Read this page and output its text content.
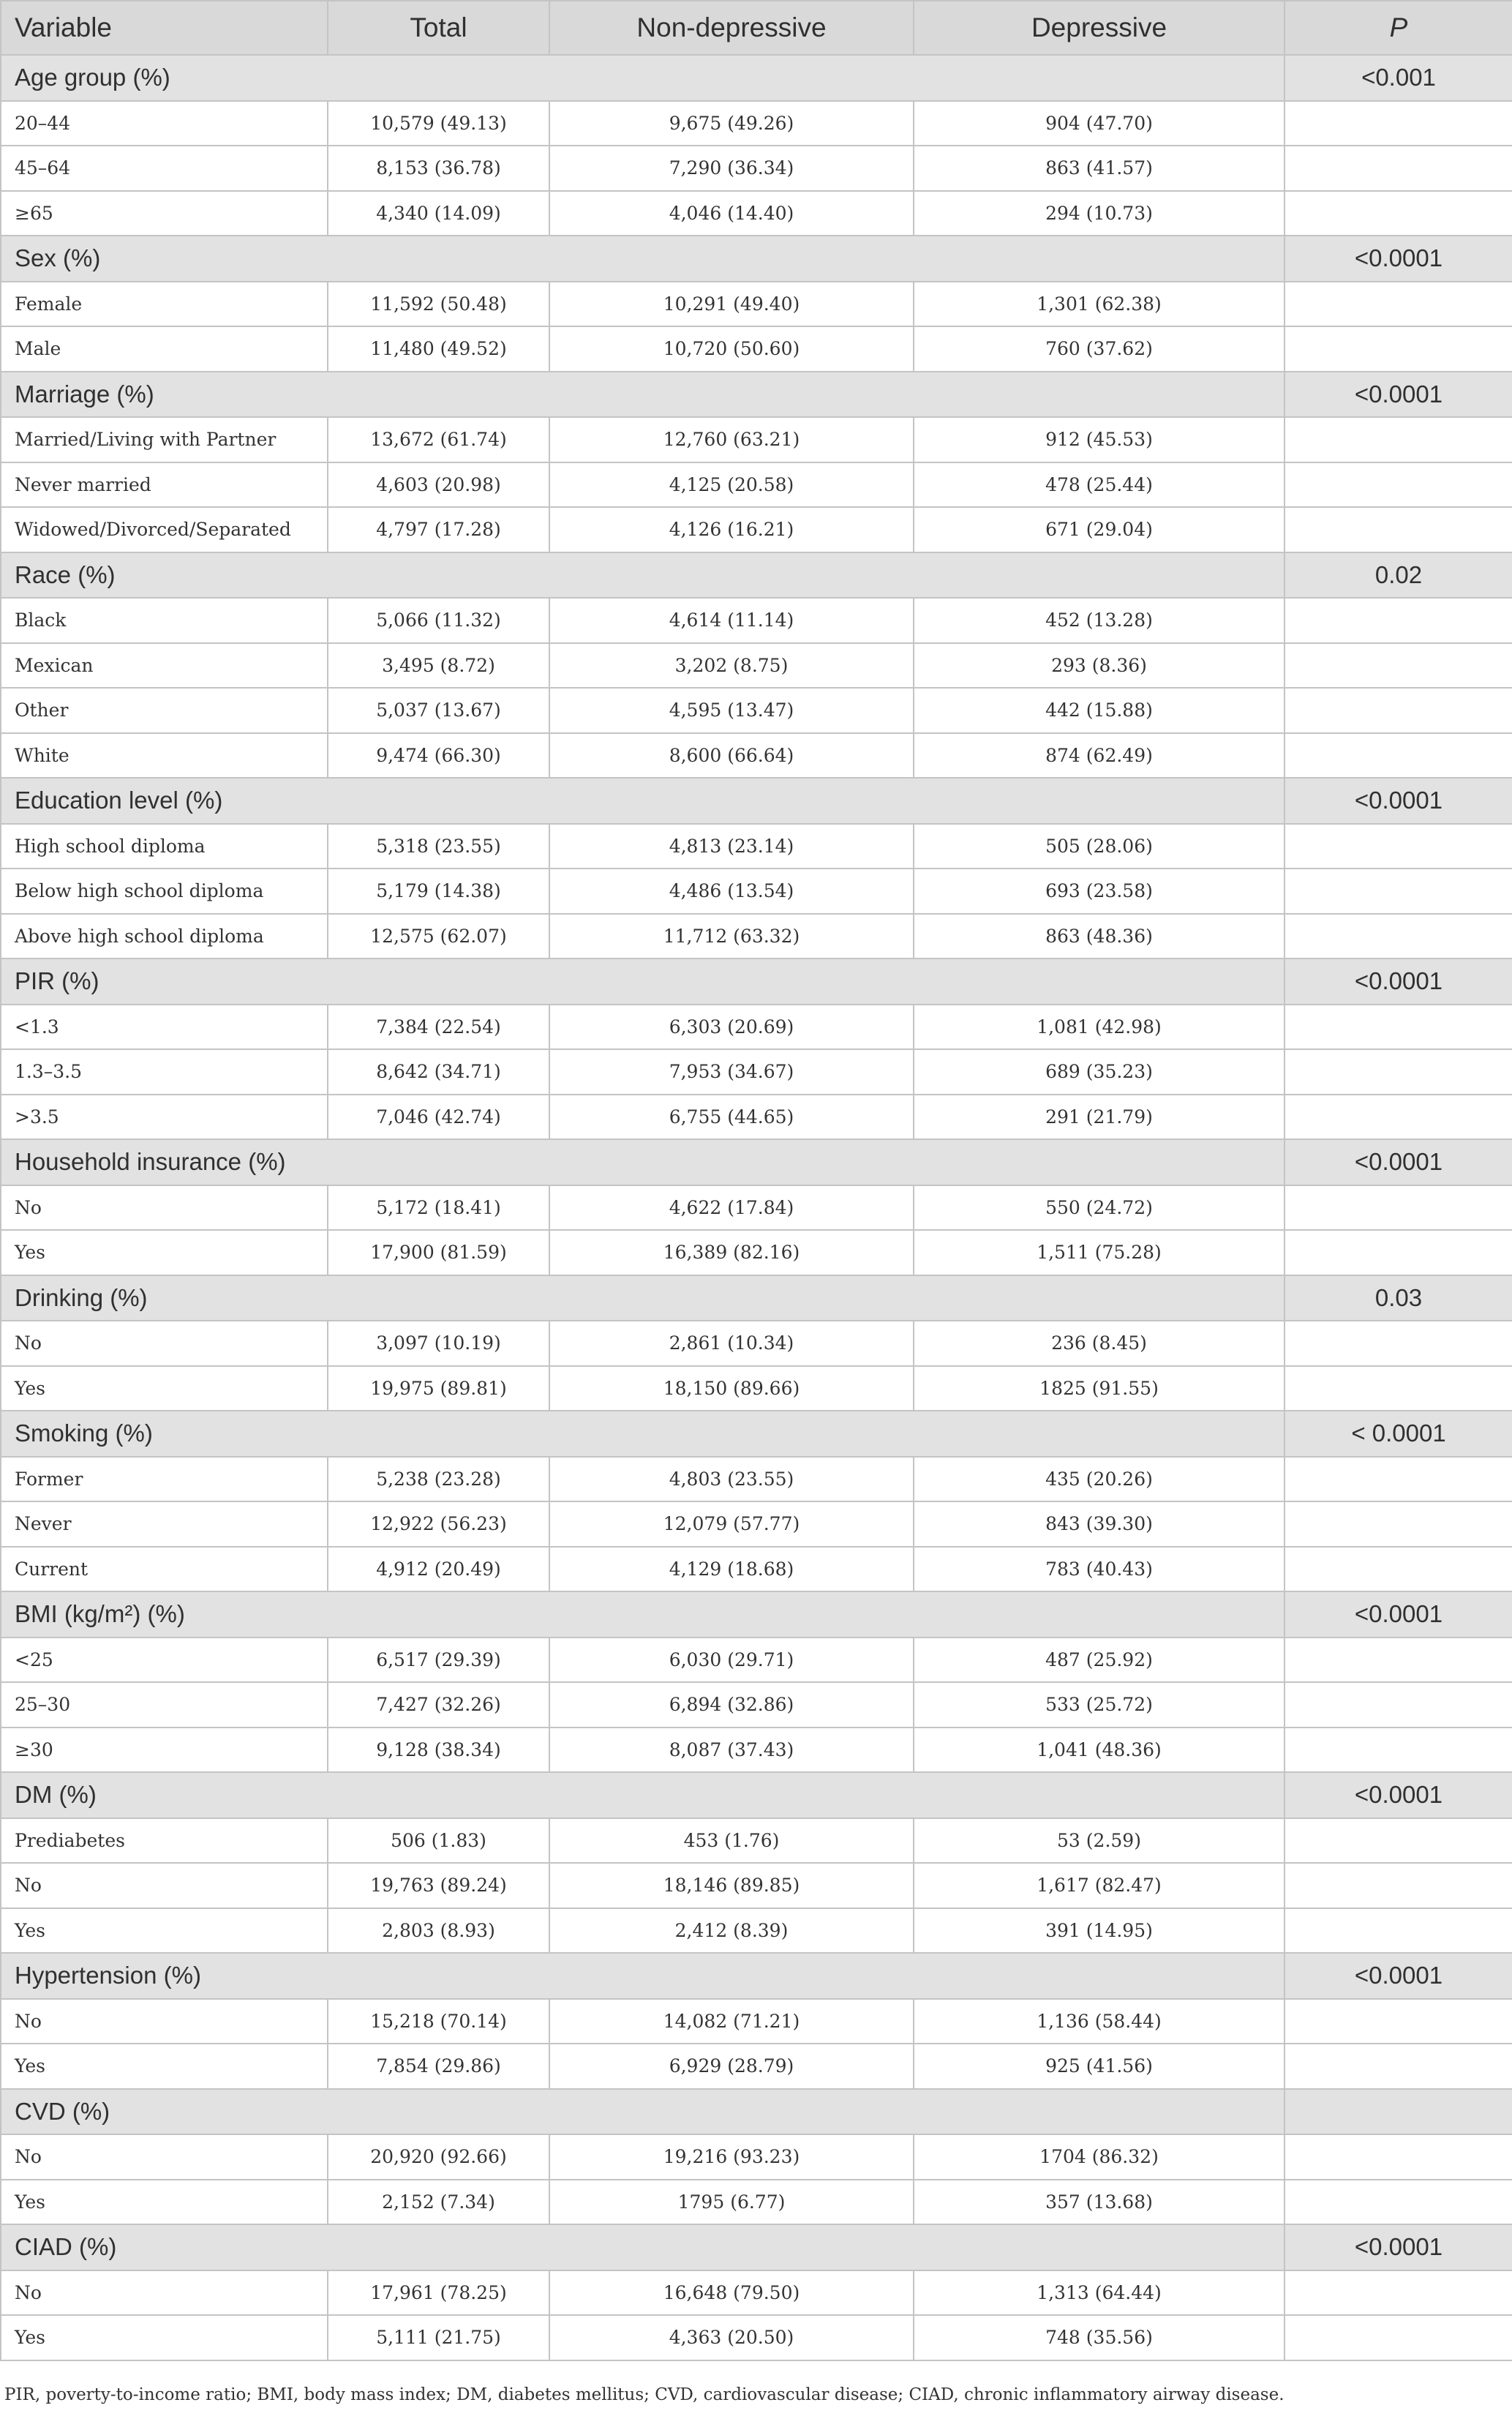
Variable	Total	Non-depressive	Depressive	P
Age group (%)				<0.001
20–44	10,579 (49.13)	9,675 (49.26)	904 (47.70)	
45–64	8,153 (36.78)	7,290 (36.34)	863 (41.57)	
≥65	4,340 (14.09)	4,046 (14.40)	294 (10.73)	
Sex (%)				<0.0001
Female	11,592 (50.48)	10,291 (49.40)	1,301 (62.38)	
Male	11,480 (49.52)	10,720 (50.60)	760 (37.62)	
Marriage (%)				<0.0001
Married/Living with Partner	13,672 (61.74)	12,760 (63.21)	912 (45.53)	
Never married	4,603 (20.98)	4,125 (20.58)	478 (25.44)	
Widowed/Divorced/Separated	4,797 (17.28)	4,126 (16.21)	671 (29.04)	
Race (%)				0.02
Black	5,066 (11.32)	4,614 (11.14)	452 (13.28)	
Mexican	3,495 (8.72)	3,202 (8.75)	293 (8.36)	
Other	5,037 (13.67)	4,595 (13.47)	442 (15.88)	
White	9,474 (66.30)	8,600 (66.64)	874 (62.49)	
Education level (%)				<0.0001
High school diploma	5,318 (23.55)	4,813 (23.14)	505 (28.06)	
Below high school diploma	5,179 (14.38)	4,486 (13.54)	693 (23.58)	
Above high school diploma	12,575 (62.07)	11,712 (63.32)	863 (48.36)	
PIR (%)				<0.0001
<1.3	7,384 (22.54)	6,303 (20.69)	1,081 (42.98)	
1.3–3.5	8,642 (34.71)	7,953 (34.67)	689 (35.23)	
>3.5	7,046 (42.74)	6,755 (44.65)	291 (21.79)	
Household insurance (%)				<0.0001
No	5,172 (18.41)	4,622 (17.84)	550 (24.72)	
Yes	17,900 (81.59)	16,389 (82.16)	1,511 (75.28)	
Drinking (%)				0.03
No	3,097 (10.19)	2,861 (10.34)	236 (8.45)	
Yes	19,975 (89.81)	18,150 (89.66)	1825 (91.55)	
Smoking (%)				< 0.0001
Former	5,238 (23.28)	4,803 (23.55)	435 (20.26)	
Never	12,922 (56.23)	12,079 (57.77)	843 (39.30)	
Current	4,912 (20.49)	4,129 (18.68)	783 (40.43)	
BMI (kg/m²) (%)				<0.0001
<25	6,517 (29.39)	6,030 (29.71)	487 (25.92)	
25–30	7,427 (32.26)	6,894 (32.86)	533 (25.72)	
≥30	9,128 (38.34)	8,087 (37.43)	1,041 (48.36)	
DM (%)				<0.0001
Prediabetes	506 (1.83)	453 (1.76)	53 (2.59)	
No	19,763 (89.24)	18,146 (89.85)	1,617 (82.47)	
Yes	2,803 (8.93)	2,412 (8.39)	391 (14.95)	
Hypertension (%)				<0.0001
No	15,218 (70.14)	14,082 (71.21)	1,136 (58.44)	
Yes	7,854 (29.86)	6,929 (28.79)	925 (41.56)	
CVD (%)				
No	20,920 (92.66)	19,216 (93.23)	1704 (86.32)	
Yes	2,152 (7.34)	1795 (6.77)	357 (13.68)	
CIAD (%)				<0.0001
No	17,961 (78.25)	16,648 (79.50)	1,313 (64.44)	
Yes	5,111 (21.75)	4,363 (20.50)	748 (35.56)	
PIR, poverty-to-income ratio; BMI, body mass index; DM, diabetes mellitus; CVD, cardiovascular disease; CIAD, chronic inflammatory airway disease.
